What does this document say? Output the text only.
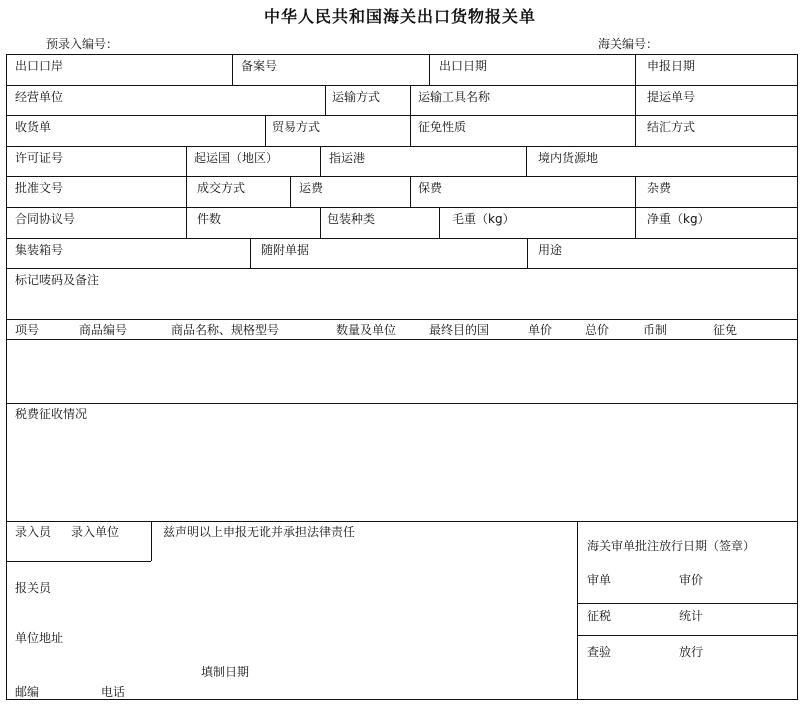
中华人民共和国海关出口货物报关单
预录入编号：	海关编号：
出口口岸	备案号	出口日期	申报日期
经营单位	运输方式	运输工具名称	提运单号
收货单	贸易方式	征免性质	结汇方式
许可证号	起运国（地区）	指运港	境内货源地
批准文号	成交方式	运费	保费	杂费
合同协议号	件数	包装种类	毛重（kg）	净重（kg）
集装箱号	随附单据	用途
标记唛码及备注
项号	商品编号	商品名称、规格型号	数量及单位	最终目的国	单价	总价	币制	征免
税费征收情况
录入员 录入单位	兹声明以上申报无讹并承担法律责任
报关员
单位地址
填制日期
邮编	电话
海关审单批注放行日期（签章）
审单	审价
征税	统计
查验	放行
